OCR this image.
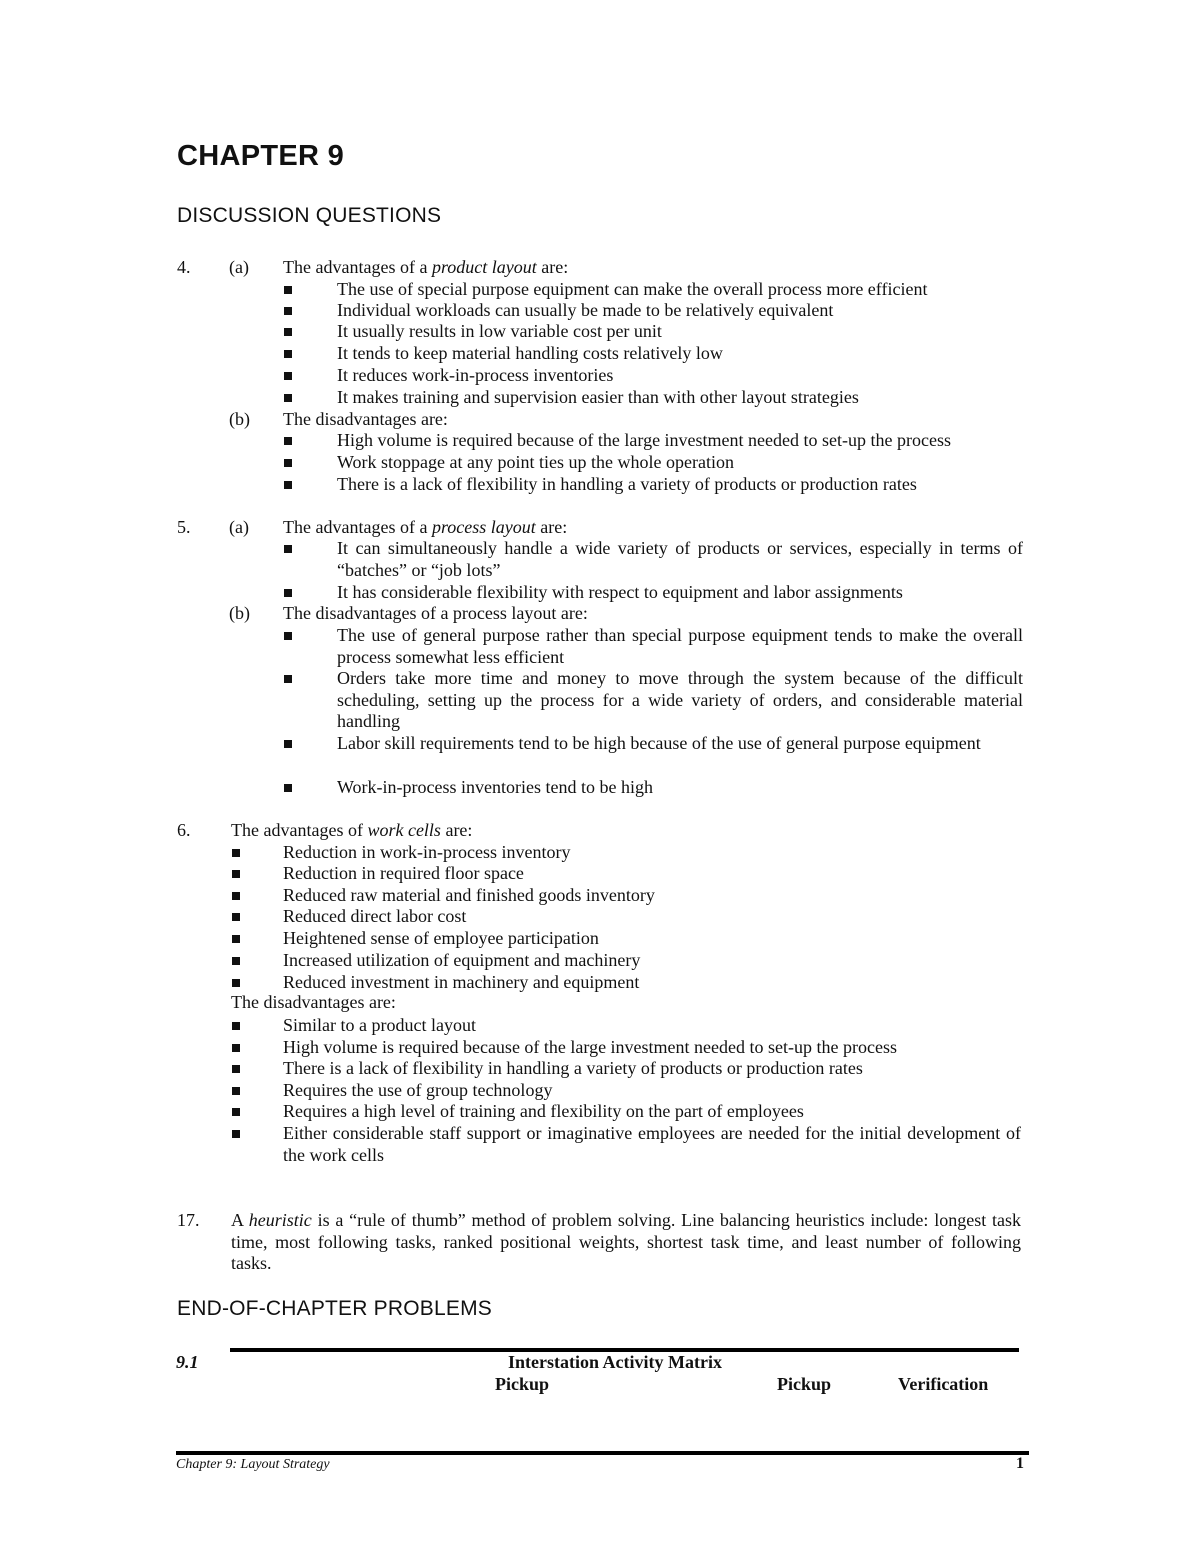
CHAPTER 9
DISCUSSION QUESTIONS
4. (a) The advantages of a product layout are:
The use of special purpose equipment can make the overall process more efficient
Individual workloads can usually be made to be relatively equivalent
It usually results in low variable cost per unit
It tends to keep material handling costs relatively low
It reduces work-in-process inventories
It makes training and supervision easier than with other layout strategies
(b) The disadvantages are:
High volume is required because of the large investment needed to set-up the process
Work stoppage at any point ties up the whole operation
There is a lack of flexibility in handling a variety of products or production rates
5. (a) The advantages of a process layout are:
It can simultaneously handle a wide variety of products or services, especially in terms of “batches” or “job lots”
It has considerable flexibility with respect to equipment and labor assignments
(b) The disadvantages of a process layout are:
The use of general purpose rather than special purpose equipment tends to make the overall process somewhat less efficient
Orders take more time and money to move through the system because of the difficult scheduling, setting up the process for a wide variety of orders, and considerable material handling
Labor skill requirements tend to be high because of the use of general purpose equipment
Work-in-process inventories tend to be high
6. The advantages of work cells are:
Reduction in work-in-process inventory
Reduction in required floor space
Reduced raw material and finished goods inventory
Reduced direct labor cost
Heightened sense of employee participation
Increased utilization of equipment and machinery
Reduced investment in machinery and equipment
The disadvantages are:
Similar to a product layout
High volume is required because of the large investment needed to set-up the process
There is a lack of flexibility in handling a variety of products or production rates
Requires the use of group technology
Requires a high level of training and flexibility on the part of employees
Either considerable staff support or imaginative employees are needed for the initial development of the work cells
17. A heuristic is a “rule of thumb” method of problem solving. Line balancing heuristics include: longest task time, most following tasks, ranked positional weights, shortest task time, and least number of following tasks.
END-OF-CHAPTER PROBLEMS
9.1	Interstation Activity Matrix
Pickup	Pickup	Verification
Chapter 9: Layout Strategy	1
